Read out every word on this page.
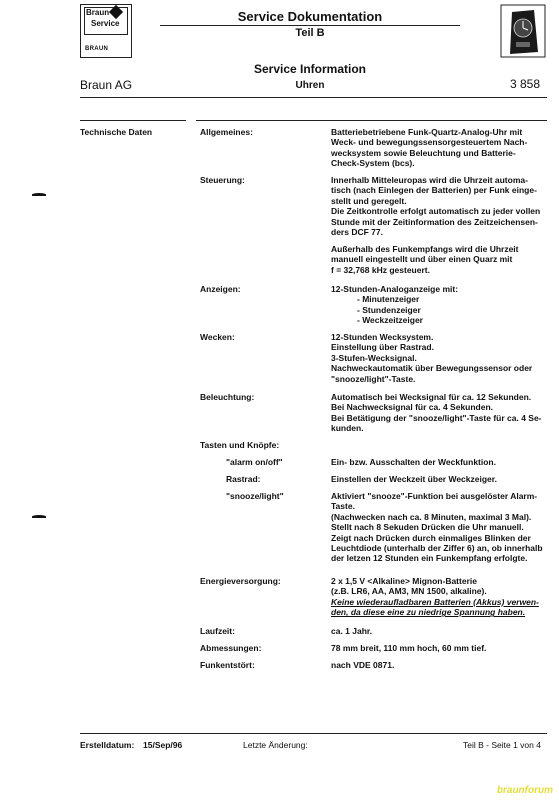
Braun
Service
BRAUN
Service Dokumentation
Teil B
Service Information
Uhren
Braun AG	3 858
Technische Daten	Allgemeines:	Batteriebetriebene Funk-Quartz-Analog-Uhr mit
Weck- und bewegungssensorgesteuertem Nach-
wecksystem sowie Beleuchtung und Batterie-
Check-System (bcs).
Steuerung:	Innerhalb Mitteleuropas wird die Uhrzeit automa-
tisch (nach Einlegen der Batterien) per Funk einge-
stellt und geregelt.
Die Zeitkontrolle erfolgt automatisch zu jeder vollen
Stunde mit der Zeitinformation des Zeitzeichensen-
ders DCF 77.
Außerhalb des Funkempfangs wird die Uhrzeit
manuell eingestellt und über einen Quarz mit
f = 32,768 kHz gesteuert.
Anzeigen:	12-Stunden-Analoganzeige mit:
- Minutenzeiger
- Stundenzeiger
- Weckzeitzeiger
Wecken:	12-Stunden Wecksystem.
Einstellung über Rastrad.
3-Stufen-Wecksignal.
Nachweckautomatik über Bewegungssensor oder
"snooze/light"-Taste.
Beleuchtung:	Automatisch bei Wecksignal für ca. 12 Sekunden.
Bei Nachwecksignal für ca. 4 Sekunden.
Bei Betätigung der "snooze/light"-Taste für ca. 4 Se-
kunden.
Tasten und Knöpfe:
"alarm on/off"	Ein- bzw. Ausschalten der Weckfunktion.
Rastrad:	Einstellen der Weckzeit über Weckzeiger.
"snooze/light"	Aktiviert "snooze"-Funktion bei ausgelöster Alarm-
Taste.
(Nachwecken nach ca. 8 Minuten, maximal 3 Mal).
Stellt nach 8 Sekuden Drücken die Uhr manuell.
Zeigt nach Drücken durch einmaliges Blinken der
Leuchtdiode (unterhalb der Ziffer 6) an, ob innerhalb
der letzen 12 Stunden ein Funkempfang erfolgte.
Energieversorgung:	2 x 1,5 V <Alkaline> Mignon-Batterie
(z.B. LR6, AA, AM3, MN 1500, alkaline).
Keine wiederaufladbaren Batterien (Akkus) verwen-
den, da diese eine zu niedrige Spannung haben.
Laufzeit:	ca. 1 Jahr.
Abmessungen:	78 mm breit, 110 mm hoch, 60 mm tief.
Funkentstört:	nach VDE 0871.
Erstelldatum: 15/Sep/96	Letzte Änderung:	Teil B - Seite 1 von 4
braunforum
